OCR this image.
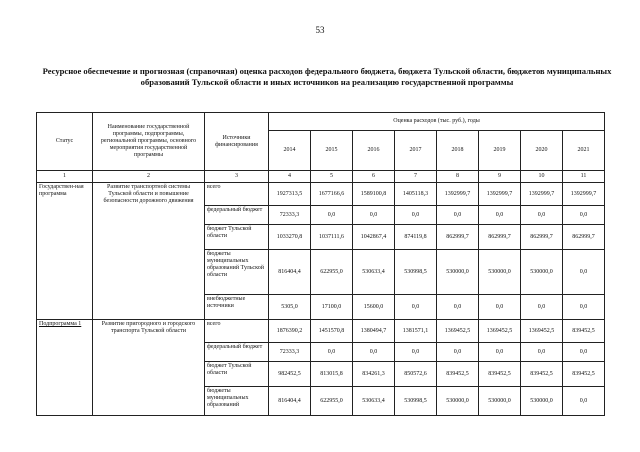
53
Ресурсное обеспечение и прогнозная (справочная) оценка расходов федерального бюджета, бюджета Тульской области, бюджетов муниципальных образований Тульской области и иных источников на реализацию государственной программы
Статус	Наименование государственной программы, подпрограммы, региональной программы, основного мероприятия государственной программы	Источники финансирования	Оценка расходов (тыс. руб.), годы							
			2014	2015	2016	2017	2018	2019	2020	2021
1	2	3	4	5	6	7	8	9	10	11
Государствен-ная программа	Развитие транспортной системы Тульской области и повышение безопасности дорожного движения	всего	1927313,5	1677166,6	1589100,8	1405118,3	1392999,7	1392999,7	1392999,7	1392999,7
		федеральный бюджет	72333,3	0,0	0,0	0,0	0,0	0,0	0,0	0,0
		бюджет Тульской области	1033270,8	1037111,6	1042867,4	874119,8	862999,7	862999,7	862999,7	862999,7
		бюджеты муниципальных образований Тульской области	816404,4	622955,0	530633,4	530998,5	530000,0	530000,0	530000,0	0,0
		внебюджетные источники	5305,0	17100,0	15600,0	0,0	0,0	0,0	0,0	0,0
Подпрограмма 1	Развитие пригородного и городского транспорта Тульской области	всего	1876390,2	1451570,8	1380494,7	1381571,1	1369452,5	1369452,5	1369452,5	839452,5
		федеральный бюджет	72333,3	0,0	0,0	0,0	0,0	0,0	0,0	0,0
		бюджет Тульской области	982452,5	813015,8	834261,3	850572,6	839452,5	839452,5	839452,5	839452,5
		бюджеты муниципальных образований	816404,4	622955,0	530633,4	530998,5	530000,0	530000,0	530000,0	0,0
